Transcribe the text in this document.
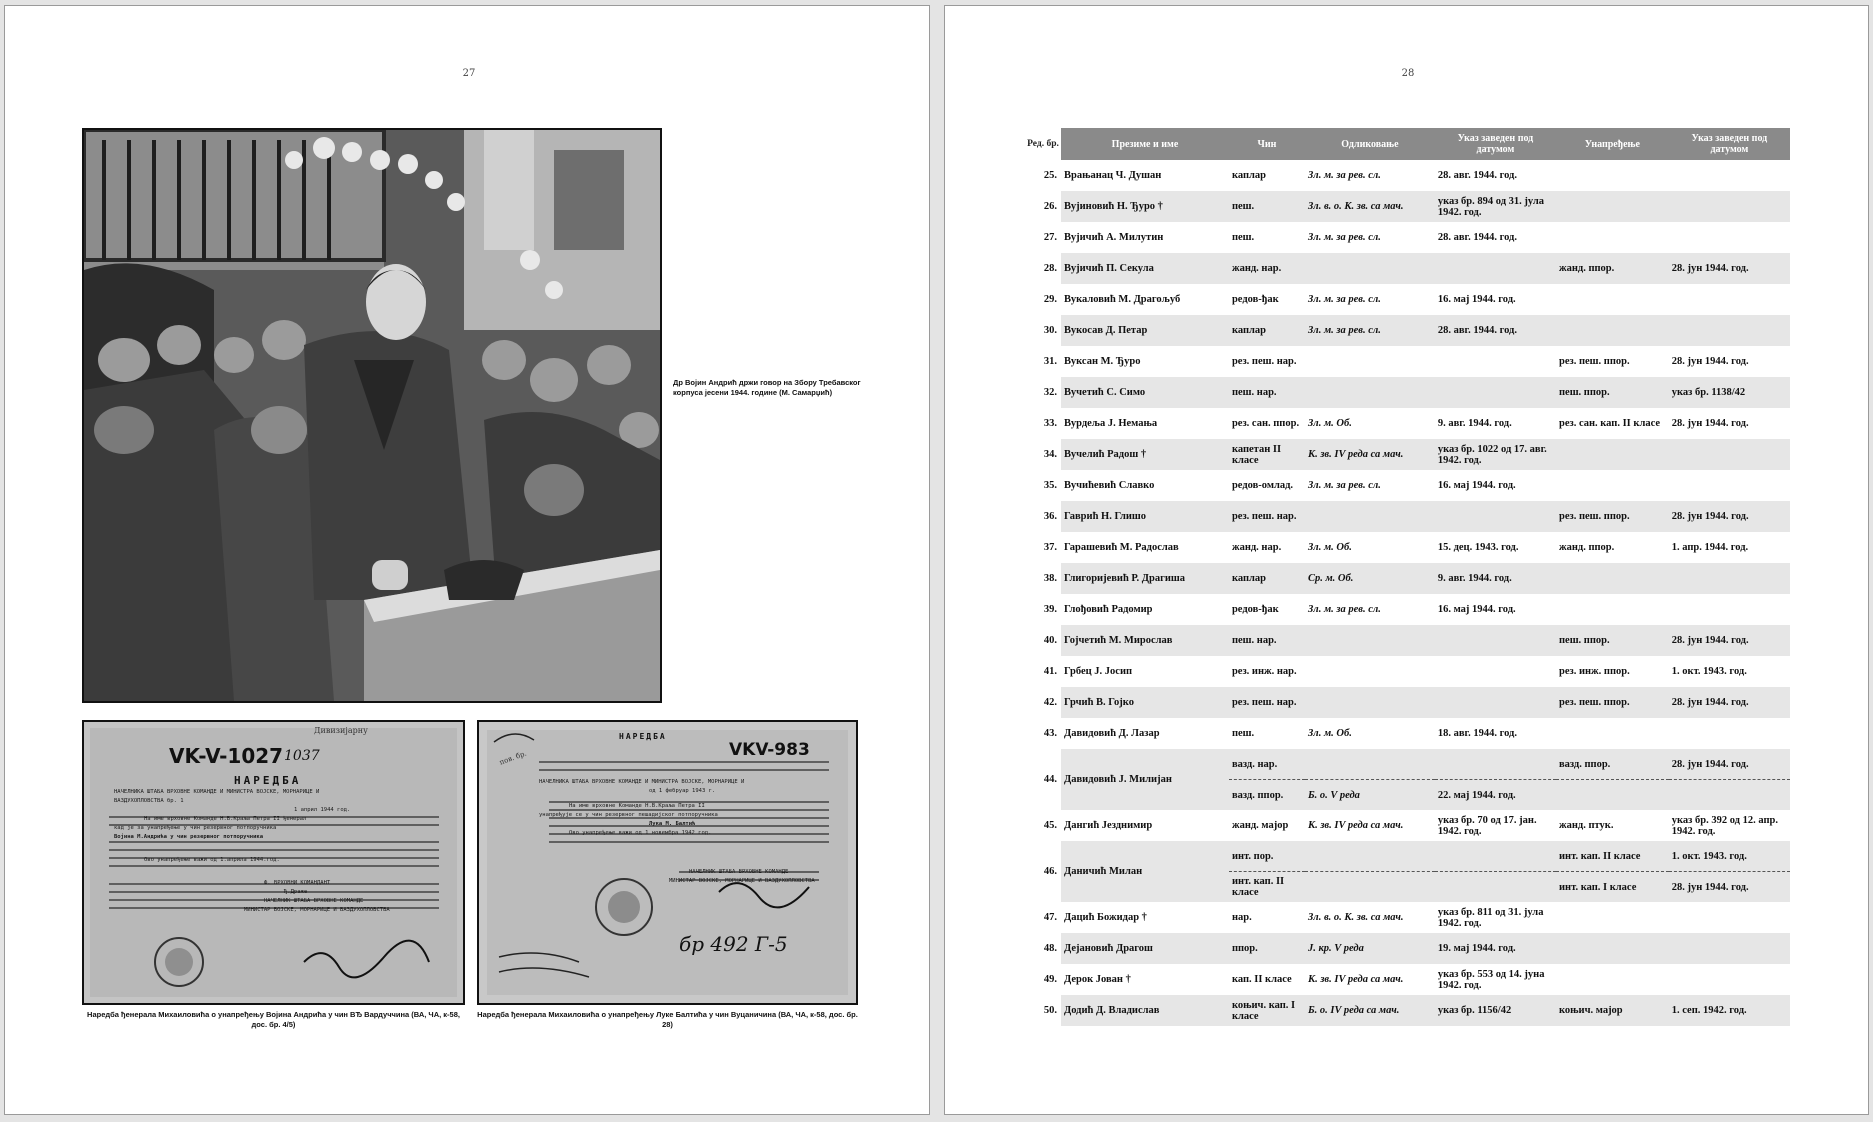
27
Др Војин Андрић држи говор на Збору Требавског корпуса јесени 1944. године (М. Самарџић)
VK-V-1027 1037
Дивизијарну
НАРЕДБА
НАЧЕЛНИКА ШТАБА ВРХОВНЕ КОМАНДЕ И МИНИСТРА ВОЈСКЕ, МОРНАРИЦЕ И
ВАЗДУХОПЛОВСТВА бр. 1
1 април 1944 год.
На име врховне Команде Н.В.Краља Петра II ђенерал
кад је за унапређење у чин резервног потпоручника
Војина М.Андрића у чин резервног потпоручника
Ово унапређење важи од 1.априла 1944.год.
Ф. ВРХОВНИ КОМАНДАНТ
Ђ.Драже
НАЧЕЛНИК ШТАБА ВРХОВНЕ КОМАНДЕ
МИНИСТАР ВОЈСКЕ, МОРНАРИЦЕ И ВАЗДУХОПЛОВСТВА
VKV-983
пов. бр.
НАРЕДБА
НАЧЕЛНИКА ШТАБА ВРХОВНЕ КОМАНДЕ И МИНИСТРА ВОЈСКЕ, МОРНАРИЦЕ И
од 1 фебруар 1943 г.
На име врховне Команде Н.В.Краља Петра II
унапређује се у чин резервног пешадијског потпоручника
Лука М. Балтић
Ово унапређење важи од 1 новембра 1942 год.
НАЧЕЛНИК ШТАБА ВРХОВНЕ КОМАНДЕ
МИНИСТАР ВОЈСКЕ, МОРНАРИЦЕ И ВАЗДУХОПЛОВСТВА
бр 492 Г-5
Наредба ђенерала Михаиловића о унапређењу Војина Андрића у чин ВЂ Вардуччина (ВА, ЧА, к-58, дос. бр. 4/5)
Наредба ђенерала Михаиловића о унапређењу Луке Балтића у чин Вуцаничина (ВА, ЧА, к-58, дос. бр. 28)
28
Ред. бр.	Презиме и име	Чин	Одликовање	Указ заведен под датумом	Унапређење	Указ заведен под датумом
25.	Врањанац Ч. Душан	каплар	Зл. м. за рев. сл.	28. авг. 1944. год.		
26.	Вујиновић Н. Ђуро †	пеш.	Зл. в. о. К. зв. са мач.	указ бр. 894 од 31. јула 1942. год.		
27.	Вујичић А. Милутин	пеш.	Зл. м. за рев. сл.	28. авг. 1944. год.		
28.	Вујичић П. Секула	жанд. нар.			жанд. ппор.	28. јун 1944. год.
29.	Вукаловић М. Драгољуб	редов-ђак	Зл. м. за рев. сл.	16. мај 1944. год.		
30.	Вукосав Д. Петар	каплар	Зл. м. за рев. сл.	28. авг. 1944. год.		
31.	Вуксан М. Ђуро	рез. пеш. нар.			рез. пеш. ппор.	28. јун 1944. год.
32.	Вучетић С. Симо	пеш. нар.			пеш. ппор.	указ бр. 1138/42
33.	Вурдеља Ј. Немања	рез. сан. ппор.	Зл. м. Об.	9. авг. 1944. год.	рез. сан. кап. II класе	28. јун 1944. год.
34.	Вучелић Радош †	капетан II класе	К. зв. IV реда са мач.	указ бр. 1022 од 17. авг. 1942. год.		
35.	Вучићевић Славко	редов-омлад.	Зл. м. за рев. сл.	16. мај 1944. год.		
36.	Гаврић Н. Глишо	рез. пеш. нар.			рез. пеш. ппор.	28. јун 1944. год.
37.	Гарашевић М. Радослав	жанд. нар.	Зл. м. Об.	15. дец. 1943. год.	жанд. ппор.	1. апр. 1944. год.
38.	Глигоријевић Р. Драгиша	каплар	Ср. м. Об.	9. авг. 1944. год.		
39.	Глођовић Радомир	редов-ђак	Зл. м. за рев. сл.	16. мај 1944. год.		
40.	Гојчетић М. Мирослав	пеш. нар.			пеш. ппор.	28. јун 1944. год.
41.	Грбец Ј. Јосип	рез. инж. нар.			рез. инж. ппор.	1. окт. 1943. год.
42.	Грчић В. Гојко	рез. пеш. нар.			рез. пеш. ппор.	28. јун 1944. год.
43.	Давидовић Д. Лазар	пеш.	Зл. м. Об.	18. авг. 1944. год.		
44.	Давидовић Ј. Милијан	вазд. нар.			вазд. ппор.	28. јун 1944. год.
		вазд. ппор.	Б. о. V реда	22. мај 1944. год.		
45.	Дангић Језднимир	жанд. мајор	К. зв. IV реда са мач.	указ бр. 70 од 17. јан. 1942. год.	жанд. птук.	указ бр. 392 од 12. апр. 1942. год.
46.	Даничић Милан	инт. пор.			инт. кап. II класе	1. окт. 1943. год.
		инт. кап. II класе			инт. кап. I класе	28. јун 1944. год.
47.	Дацић Божидар †	нар.	Зл. в. о. К. зв. са мач.	указ бр. 811 од 31. јула 1942. год.		
48.	Дејановић Драгош	ппор.	Ј. кр. V реда	19. мај 1944. год.		
49.	Дерок Јован †	кап. II класе	К. зв. IV реда са мач.	указ бр. 553 од 14. јуна 1942. год.		
50.	Додић Д. Владислав	коњич. кап. I класе	Б. о. IV реда са мач.	указ бр. 1156/42	коњич. мајор	1. сеп. 1942. год.
